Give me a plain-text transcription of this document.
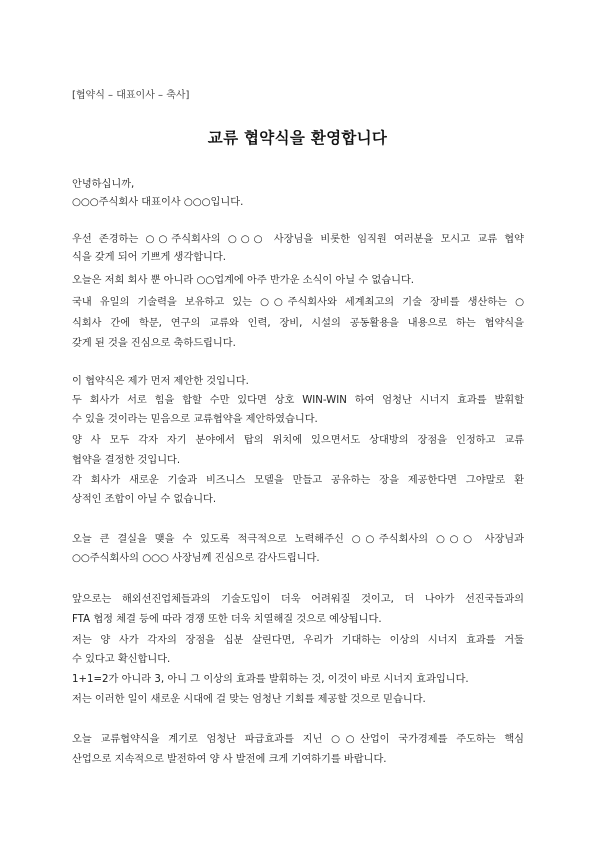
[협약식 – 대표이사 – 축사]
교류 협약식을 환영합니다
안녕하십니까,
○○○주식회사 대표이사 ○○○입니다.
우선 존경하는 ○○주식회사의 ○○○ 사장님을 비롯한 임직원 여러분을 모시고 교류 협약
식을 갖게 되어 기쁘게 생각합니다.
오늘은 저희 회사 뿐 아니라 ○○업계에 아주 반가운 소식이 아닐 수 없습니다.
국내 유일의 기술력을 보유하고 있는 ○○주식회사와 세계최고의 기술 장비를 생산하는 ○
식회사 간에 학문, 연구의 교류와 인력, 장비, 시설의 공동활용을 내용으로 하는 협약식을
갖게 된 것을 진심으로 축하드립니다.
이 협약식은 제가 먼저 제안한 것입니다.
두 회사가 서로 힘을 합할 수만 있다면 상호 WIN-WIN 하여 엄청난 시너지 효과를 발휘할
수 있을 것이라는 믿음으로 교류협약을 제안하였습니다.
양 사 모두 각자 자기 분야에서 탑의 위치에 있으면서도 상대방의 장점을 인정하고 교류
협약을 결정한 것입니다.
각 회사가 새로운 기술과 비즈니스 모델을 만들고 공유하는 장을 제공한다면 그야말로 환
상적인 조합이 아닐 수 없습니다.
오늘 큰 결실을 맺을 수 있도록 적극적으로 노력해주신 ○○주식회사의 ○○○ 사장님과
○○주식회사의 ○○○ 사장님께 진심으로 감사드립니다.
앞으로는 해외선진업체들과의 기술도입이 더욱 어려워질 것이고, 더 나아가 선진국들과의
FTA 협정 체결 등에 따라 경쟁 또한 더욱 치열해질 것으로 예상됩니다.
저는 양 사가 각자의 장점을 십분 살린다면, 우리가 기대하는 이상의 시너지 효과를 거둘
수 있다고 확신합니다.
1+1=2가 아니라 3, 아니 그 이상의 효과를 발휘하는 것, 이것이 바로 시너지 효과입니다.
저는 이러한 일이 새로운 시대에 걸 맞는 엄청난 기회를 제공할 것으로 믿습니다.
오늘 교류협약식을 계기로 엄청난 파급효과를 지닌 ○○산업이 국가경제를 주도하는 핵심
산업으로 지속적으로 발전하여 양 사 발전에 크게 기여하기를 바랍니다.
